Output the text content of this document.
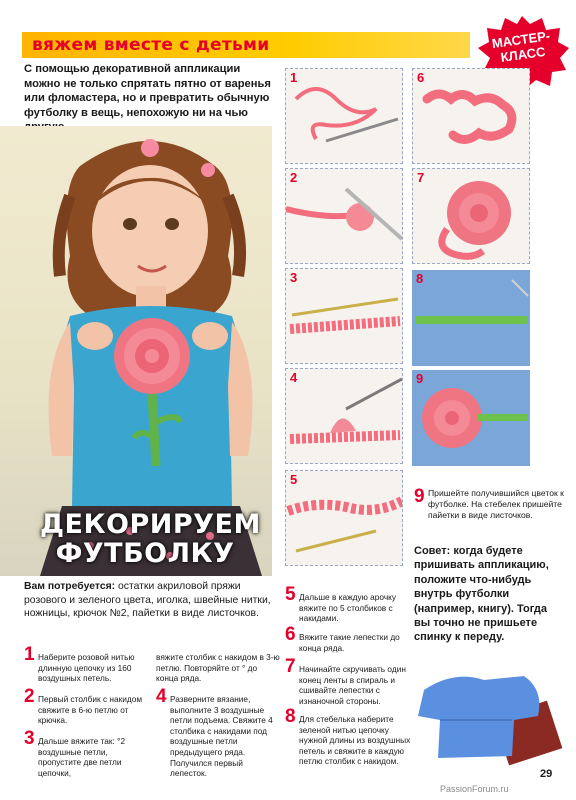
вяжем вместе с детьми	МАСТЕР-
КЛАСС

С помощью декоративной аппликации можно не только спрятать пятно от варенья или фломастера, но и превратить обычную футболку в вещь, непохожую ни на чью

ДЕКОРИРУЕМ ФУТБОЛКУ
1
2
3
4
5
6
7
8
9
9 Пришейте получившийся цветок к футболке. На стебелек пришейте пайетки в виде листочков.

Совет: когда будете пришивать аппликацию, положите что-нибудь внутрь футболки (например, книгу). Тогда вы точно не пришьете спинку к переду.

Вам потребуется: остатки акриловой пряжи розового и зеленого цвета, иголка, швейные нитки, ножницы, крючок №2, пайетки в виде листочков.

1 Наберите розовой нитью длинную цепочку из 160 воздушных петель.
2 Первый столбик с накидом свяжите в 6-ю петлю от крючка.
3 Дальше вяжите так: °2 воздушные петли, пропустите две петли цепочки,
вяжите столбик с накидом в 3-ю петлю. Повторяйте от ° до конца ряда.
4 Разверните вязание, выполните 3 воздушные петли подъема. Свяжите 4 столбика с накидами под воздушные петли предыдущего ряда. Получился первый лепесток.
5 Дальше в каждую арочку вяжите по 5 столбиков с накидами.
6 Вяжите такие лепестки до конца ряда.
7 Начинайте скручивать один конец ленты в спираль и сшивайте лепестки с изнаночной стороны.
8 Для стебелька наберите зеленой нитью цепочку нужной длины из воздушных петель и свяжите в каждую петлю столбик с накидом.
29
PassionForum.ru
